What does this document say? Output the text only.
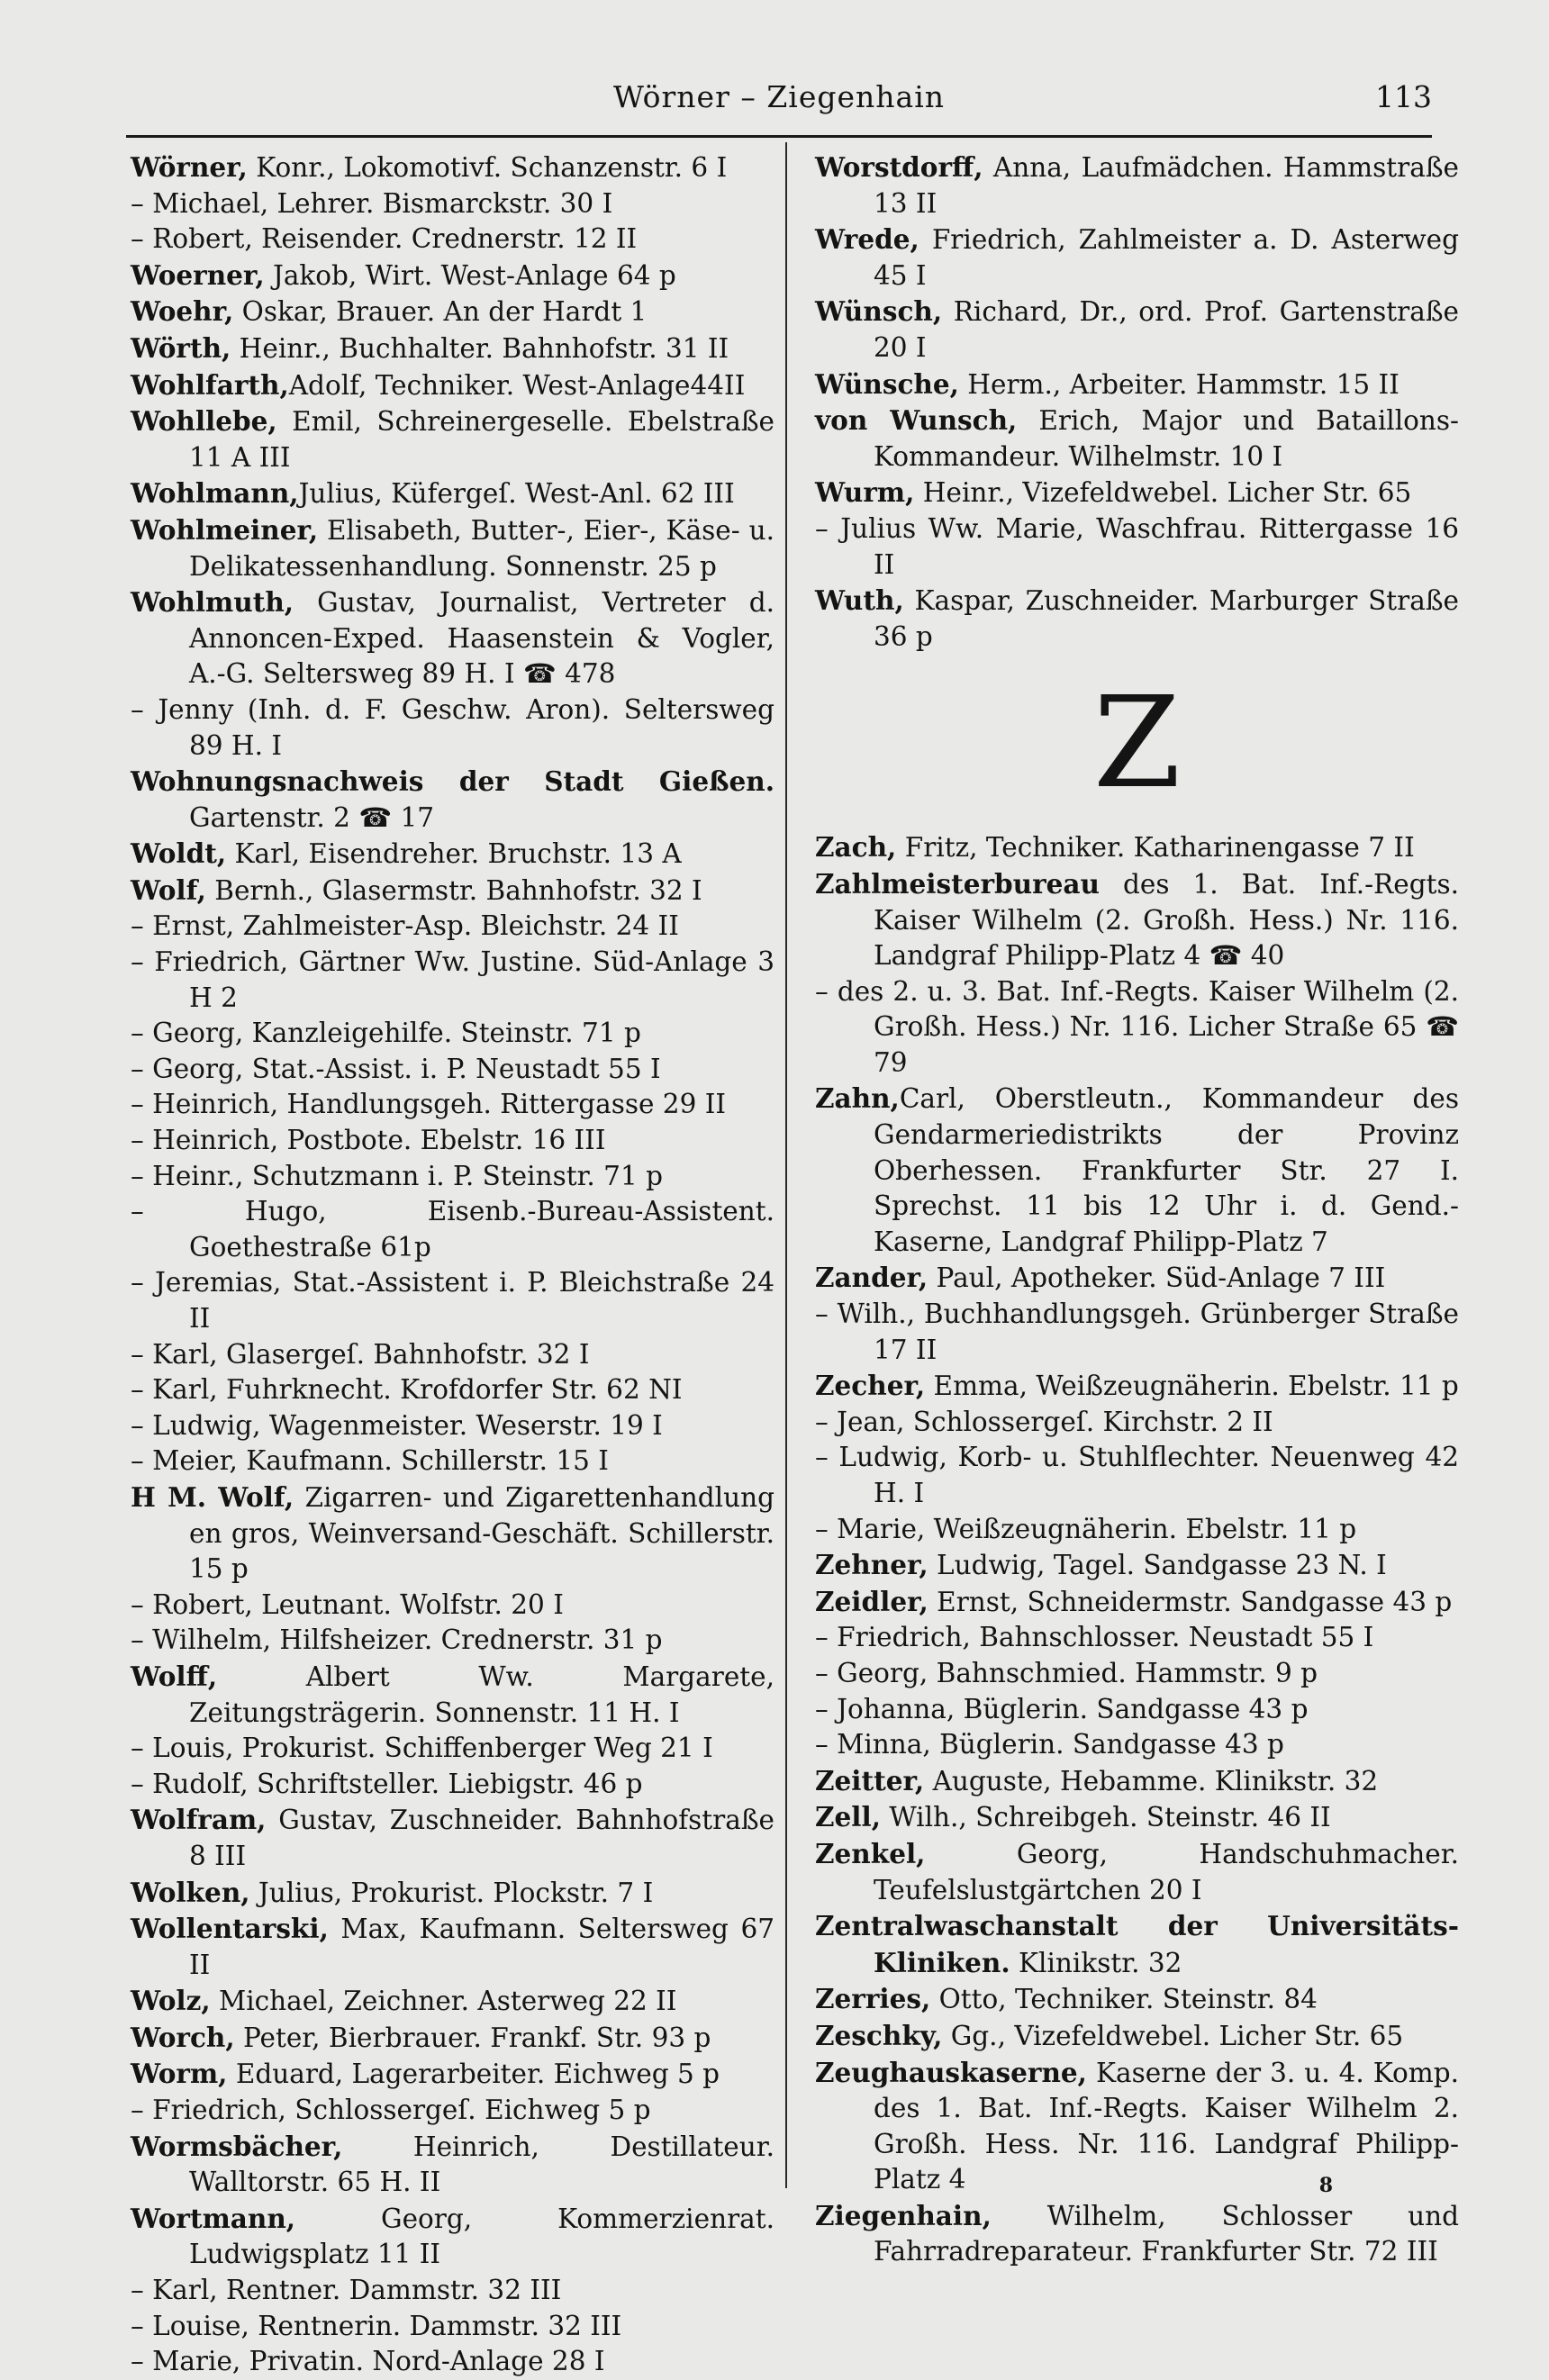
Wörner – Ziegenhain	113
Wörner, Konr., Lokomotivf. Schanzenstr. 6 I
– Michael, Lehrer. Bismarckstr. 30 I
– Robert, Reisender. Crednerstr. 12 II
Woerner, Jakob, Wirt. West-Anlage 64 p
Woehr, Oskar, Brauer. An der Hardt 1
Wörth, Heinr., Buchhalter. Bahnhofstr. 31 II
Wohlfarth,Adolf, Techniker. West-Anlage44II
Wohllebe, Emil, Schreinergeselle. Ebelstraße 11 A III
Wohlmann,Julius, Küfergeſ. West-Anl. 62 III
Wohlmeiner, Elisabeth, Butter-, Eier-, Käse- u. Delikatessenhandlung. Sonnenstr. 25 p
Wohlmuth, Gustav, Journalist, Vertreter d. Annoncen-Exped. Haasenstein & Vogler, A.-G. Seltersweg 89 H. I ☎ 478
– Jenny (Inh. d. F. Geschw. Aron). Seltersweg 89 H. I
Wohnungsnachweis der Stadt Gießen. Gartenstr. 2 ☎ 17
Woldt, Karl, Eisendreher. Bruchstr. 13 A
Wolf, Bernh., Glasermstr. Bahnhofstr. 32 I
– Ernst, Zahlmeister-Asp. Bleichstr. 24 II
– Friedrich, Gärtner Ww. Justine. Süd-Anlage 3 H 2
– Georg, Kanzleigehilfe. Steinstr. 71 p
– Georg, Stat.-Assist. i. P. Neustadt 55 I
– Heinrich, Handlungsgeh. Rittergasse 29 II
– Heinrich, Postbote. Ebelstr. 16 III
– Heinr., Schutzmann i. P. Steinstr. 71 p
– Hugo, Eisenb.-Bureau-Assistent. Goethestraße 61p
– Jeremias, Stat.-Assistent i. P. Bleichstraße 24 II
– Karl, Glasergeſ. Bahnhofstr. 32 I
– Karl, Fuhrknecht. Krofdorfer Str. 62 NI
– Ludwig, Wagenmeister. Weserstr. 19 I
– Meier, Kaufmann. Schillerstr. 15 I
H M. Wolf, Zigarren- und Zigarettenhandlung en gros, Weinversand-Geschäft. Schillerstr. 15 p
– Robert, Leutnant. Wolfstr. 20 I
– Wilhelm, Hilfsheizer. Crednerstr. 31 p
Wolff, Albert Ww. Margarete, Zeitungsträgerin. Sonnenstr. 11 H. I
– Louis, Prokurist. Schiffenberger Weg 21 I
– Rudolf, Schriftsteller. Liebigstr. 46 p
Wolfram, Gustav, Zuschneider. Bahnhofstraße 8 III
Wolken, Julius, Prokurist. Plockstr. 7 I
Wollentarski, Max, Kaufmann. Seltersweg 67 II
Wolz, Michael, Zeichner. Asterweg 22 II
Worch, Peter, Bierbrauer. Frankf. Str. 93 p
Worm, Eduard, Lagerarbeiter. Eichweg 5 p
– Friedrich, Schlossergeſ. Eichweg 5 p
Wormsbächer, Heinrich, Destillateur. Walltorstr. 65 H. II
Wortmann, Georg, Kommerzienrat. Ludwigsplatz 11 II
– Karl, Rentner. Dammstr. 32 III
– Louise, Rentnerin. Dammstr. 32 III
– Marie, Privatin. Nord-Anlage 28 I
Worstdorff, Anna, Laufmädchen. Hammstraße 13 II
Wrede, Friedrich, Zahlmeister a. D. Asterweg 45 I
Wünsch, Richard, Dr., ord. Prof. Gartenstraße 20 I
Wünsche, Herm., Arbeiter. Hammstr. 15 II
von Wunsch, Erich, Major und Bataillons-Kommandeur. Wilhelmstr. 10 I
Wurm, Heinr., Vizefeldwebel. Licher Str. 65
– Julius Ww. Marie, Waschfrau. Rittergasse 16 II
Wuth, Kaspar, Zuschneider. Marburger Straße 36 p
Z
Zach, Fritz, Techniker. Katharinengasse 7 II
Zahlmeisterbureau des 1. Bat. Inf.-Regts. Kaiser Wilhelm (2. Großh. Hess.) Nr. 116. Landgraf Philipp-Platz 4 ☎ 40
– des 2. u. 3. Bat. Inf.-Regts. Kaiser Wilhelm (2. Großh. Hess.) Nr. 116. Licher Straße 65 ☎ 79
Zahn,Carl, Oberstleutn., Kommandeur des Gendarmeriedistrikts der Provinz Oberhessen. Frankfurter Str. 27 I. Sprechst. 11 bis 12 Uhr i. d. Gend.-Kaserne, Landgraf Philipp-Platz 7
Zander, Paul, Apotheker. Süd-Anlage 7 III
– Wilh., Buchhandlungsgeh. Grünberger Straße 17 II
Zecher, Emma, Weißzeugnäherin. Ebelstr. 11 p
– Jean, Schlossergeſ. Kirchstr. 2 II
– Ludwig, Korb- u. Stuhlflechter. Neuenweg 42 H. I
– Marie, Weißzeugnäherin. Ebelstr. 11 p
Zehner, Ludwig, Tagel. Sandgasse 23 N. I
Zeidler, Ernst, Schneidermstr. Sandgasse 43 p
– Friedrich, Bahnschlosser. Neustadt 55 I
– Georg, Bahnschmied. Hammstr. 9 p
– Johanna, Büglerin. Sandgasse 43 p
– Minna, Büglerin. Sandgasse 43 p
Zeitter, Auguste, Hebamme. Klinikstr. 32
Zell, Wilh., Schreibgeh. Steinstr. 46 II
Zenkel, Georg, Handschuhmacher. Teufelslustgärtchen 20 I
Zentralwaschanstalt der Universitäts-Kliniken. Klinikstr. 32
Zerries, Otto, Techniker. Steinstr. 84
Zeschky, Gg., Vizefeldwebel. Licher Str. 65
Zeughauskaserne, Kaserne der 3. u. 4. Komp. des 1. Bat. Inf.-Regts. Kaiser Wilhelm 2. Großh. Hess. Nr. 116. Landgraf Philipp-Platz 4
Ziegenhain, Wilhelm, Schlosser und Fahrradreparateur. Frankfurter Str. 72 III
8
